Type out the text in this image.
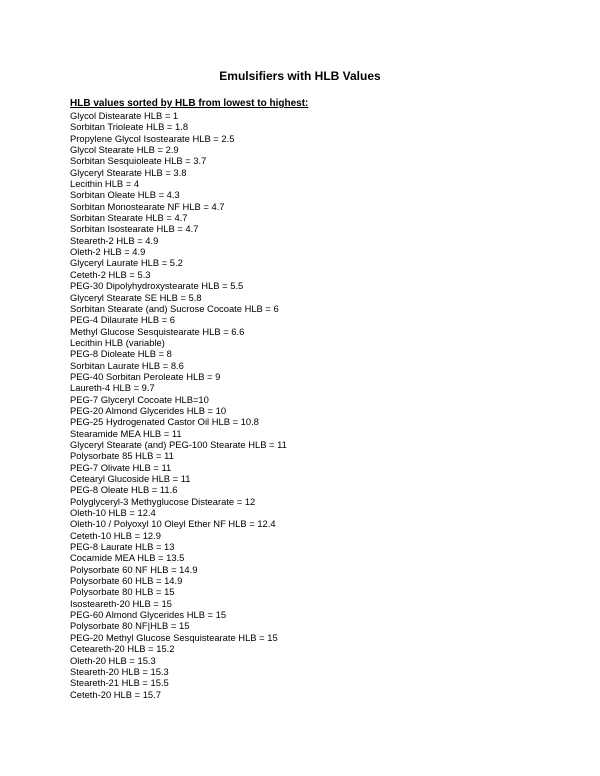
Emulsifiers with HLB Values

HLB values sorted by HLB from lowest to highest:

Glycol Distearate HLB = 1
Sorbitan Trioleate HLB = 1.8
Propylene Glycol Isostearate HLB = 2.5
Glycol Stearate HLB = 2.9
Sorbitan Sesquioleate HLB = 3.7
Glyceryl Stearate HLB = 3.8
Lecithin HLB = 4
Sorbitan Oleate HLB = 4.3
Sorbitan Monostearate NF HLB = 4.7
Sorbitan Stearate HLB = 4.7
Sorbitan Isostearate HLB = 4.7
Steareth-2 HLB = 4.9
Oleth-2 HLB = 4.9
Glyceryl Laurate HLB = 5.2
Ceteth-2 HLB = 5.3
PEG-30 Dipolyhydroxystearate HLB = 5.5
Glyceryl Stearate SE HLB = 5.8
Sorbitan Stearate (and) Sucrose Cocoate HLB = 6
PEG-4 Dilaurate HLB = 6
Methyl Glucose Sesquistearate HLB = 6.6
Lecithin HLB (variable)
PEG-8 Dioleate HLB = 8
Sorbitan Laurate HLB = 8.6
PEG-40 Sorbitan Peroleate HLB = 9
Laureth-4 HLB = 9.7
PEG-7 Glyceryl Cocoate HLB=10
PEG-20 Almond Glycerides HLB = 10
PEG-25 Hydrogenated Castor Oil HLB = 10.8
Stearamide MEA HLB = 11
Glyceryl Stearate (and) PEG-100 Stearate HLB = 11
Polysorbate 85 HLB = 11
PEG-7 Olivate HLB = 11
Cetearyl Glucoside HLB = 11
PEG-8 Oleate HLB = 11.6
Polyglyceryl-3 Methyglucose Distearate = 12
Oleth-10 HLB = 12.4
Oleth-10 / Polyoxyl 10 Oleyl Ether NF HLB = 12.4
Ceteth-10 HLB = 12.9
PEG-8 Laurate HLB = 13
Cocamide MEA HLB = 13.5
Polysorbate 60 NF HLB = 14.9
Polysorbate 60 HLB = 14.9
Polysorbate 80 HLB = 15
Isosteareth-20 HLB = 15
PEG-60 Almond Glycerides HLB = 15
Polysorbate 80 NF|HLB = 15
PEG-20 Methyl Glucose Sesquistearate HLB = 15
Ceteareth-20 HLB = 15.2
Oleth-20 HLB = 15.3
Steareth-20 HLB = 15.3
Steareth-21 HLB = 15.5
Ceteth-20 HLB = 15.7
